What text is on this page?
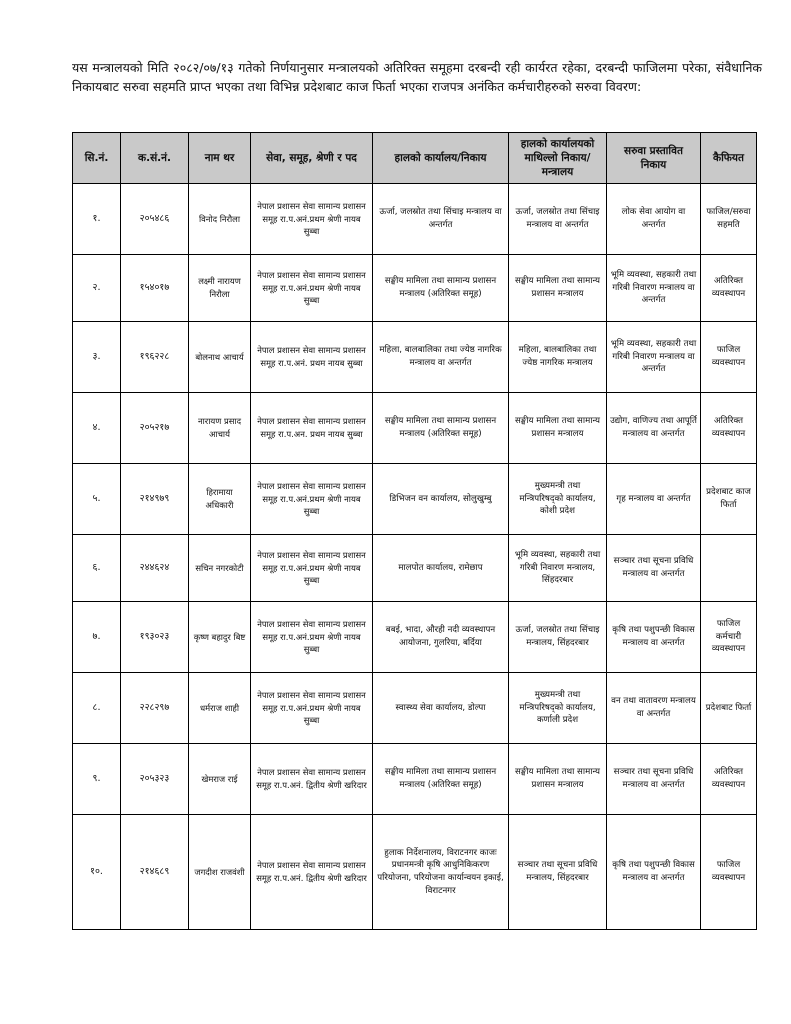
यस मन्त्रालयको मिति २०८२/०७/१३ गतेको निर्णयानुसार मन्त्रालयको अतिरिक्त समूहमा दरबन्दी रही कार्यरत रहेका, दरबन्दी फाजिलमा परेका, संवैधानिक निकायबाट सरुवा सहमति प्राप्त भएका तथा विभिन्न प्रदेशबाट काज फिर्ता भएका राजपत्र अनंकित कर्मचारीहरुको सरुवा विवरण:
सि.नं.	क.सं.नं.	नाम थर	सेवा, समूह, श्रेणी र पद	हालको कार्यालय/निकाय	हालको कार्यालयको माथिल्लो निकाय/मन्त्रालय	सरुवा प्रस्तावित निकाय	कैफियत
१.	२०५४८६	विनोद निरौला	नेपाल प्रशासन सेवा सामान्य प्रशासन समूह रा.प.अनं.प्रथम श्रेणी नायब सुब्बा	ऊर्जा, जलस्रोत तथा सिंचाइ मन्त्रालय वा अन्तर्गत	ऊर्जा, जलस्रोत तथा सिंचाइ मन्त्रालय वा अन्तर्गत	लोक सेवा आयोग वा अन्तर्गत	फाजिल/सरुवा सहमति
२.	१५४०१७	लक्ष्मी नारायण निरौला	नेपाल प्रशासन सेवा सामान्य प्रशासन समूह रा.प.अनं.प्रथम श्रेणी नायब सुब्बा	सङ्घीय मामिला तथा सामान्य प्रशासन मन्त्रालय (अतिरिक्त समूह)	सङ्घीय मामिला तथा सामान्य प्रशासन मन्त्रालय	भूमि व्यवस्था, सहकारी तथा गरिबी निवारण मन्त्रालय वा अन्तर्गत	अतिरिक्त व्यवस्थापन
३.	१९६२२८	बोलनाथ आचार्य	नेपाल प्रशासन सेवा सामान्य प्रशासन समूह रा.प.अनं. प्रथम नायब सुब्बा	महिला, बालबालिका तथा ज्येष्ठ नागरिक मन्त्रालय वा अन्तर्गत	महिला, बालबालिका तथा ज्येष्ठ नागरिक मन्त्रालय	भूमि व्यवस्था, सहकारी तथा गरिबी निवारण मन्त्रालय वा अन्तर्गत	फाजिल व्यवस्थापन
४.	२०५२१७	नारायण प्रसाद आचार्य	नेपाल प्रशासन सेवा सामान्य प्रशासन समूह रा.प.अन. प्रथम नायब सुब्बा	सङ्घीय मामिला तथा सामान्य प्रशासन मन्त्रालय (अतिरिक्त समूह)	सङ्घीय मामिला तथा सामान्य प्रशासन मन्त्रालय	उद्योग, वाणिज्य तथा आपूर्ति मन्त्रालय वा अन्तर्गत	अतिरिक्त व्यवस्थापन
५.	२१४९७९	हिरामाया अधिकारी	नेपाल प्रशासन सेवा सामान्य प्रशासन समूह रा.प.अनं.प्रथम श्रेणी नायब सुब्बा	डिभिजन वन कार्यालय, सोलुखुम्बु	मुख्यमन्त्री तथा मन्त्रिपरिषद्को कार्यालय, कोशी प्रदेश	गृह मन्त्रालय वा अन्तर्गत	प्रदेशबाट काज फिर्ता
६.	२४४६२४	सचिन नगरकोटी	नेपाल प्रशासन सेवा सामान्य प्रशासन समूह रा.प.अनं.प्रथम श्रेणी नायब सुब्बा	मालपोत कार्यालय, रामेछाप	भूमि व्यवस्था, सहकारी तथा गरिबी निवारण मन्त्रालय, सिंहदरबार	सञ्चार तथा सूचना प्रविधि मन्त्रालय वा अन्तर्गत	
७.	१९३०२३	कृष्ण बहादुर बिष्ट	नेपाल प्रशासन सेवा सामान्य प्रशासन समूह रा.प.अनं.प्रथम श्रेणी नायब सुब्बा	बबई, भादा, औरही नदी व्यवस्थापन आयोजना, गुलरिया, बर्दिया	ऊर्जा, जलस्रोत तथा सिंचाइ मन्त्रालय, सिंहदरबार	कृषि तथा पशुपन्छी विकास मन्त्रालय वा अन्तर्गत	फाजिल कर्मचारी व्यवस्थापन
८.	२२८२९७	धर्मराज शाही	नेपाल प्रशासन सेवा सामान्य प्रशासन समूह रा.प.अनं.प्रथम श्रेणी नायब सुब्बा	स्वास्थ्य सेवा कार्यालय, डोल्पा	मुख्यमन्त्री तथा मन्त्रिपरिषद्को कार्यालय, कर्णाली प्रदेश	वन तथा वातावरण मन्त्रालय वा अन्तर्गत	प्रदेशबाट फिर्ता
९.	२०५३२३	खेमराज राई	नेपाल प्रशासन सेवा सामान्य प्रशासन समूह रा.प.अनं. द्वितीय श्रेणी खरिदार	सङ्घीय मामिला तथा सामान्य प्रशासन मन्त्रालय (अतिरिक्त समूह)	सङ्घीय मामिला तथा सामान्य प्रशासन मन्त्रालय	सञ्चार तथा सूचना प्रविधि मन्त्रालय वा अन्तर्गत	अतिरिक्त व्यवस्थापन
१०.	२१४६८९	जगदीश राजवंशी	नेपाल प्रशासन सेवा सामान्य प्रशासन समूह रा.प.अनं. द्वितीय श्रेणी खरिदार	हुलाक निर्देशनालय, विराटनगर काजः प्रधानमन्त्री कृषि आधुनिकिकरण परियोजना, परियोजना कार्यान्वयन इकाई, विराटनगर	सञ्चार तथा सूचना प्रविधि मन्त्रालय, सिंहदरबार	कृषि तथा पशुपन्छी विकास मन्त्रालय वा अन्तर्गत	फाजिल व्यवस्थापन
